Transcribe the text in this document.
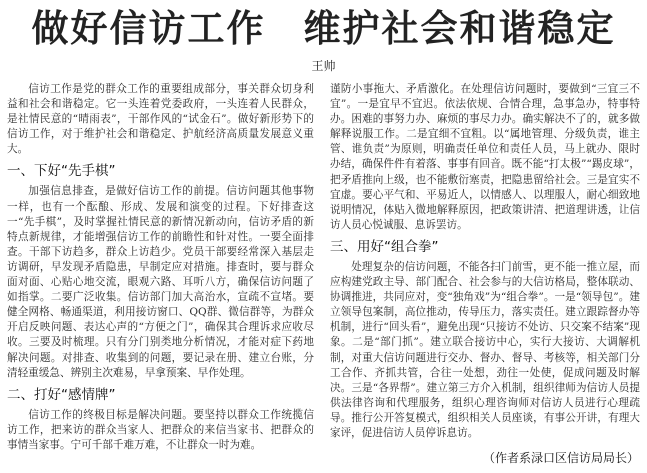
做好信访工作 维护社会和谐稳定
王帅

信访工作是党的群众工作的重要组成部分，事关群众切身利益和社会和谐稳定。它一头连着党委政府，一头连着人民群众，是社情民意的“晴雨表”，干部作风的“试金石”。做好新形势下的信访工作，对于维护社会和谐稳定、护航经济高质量发展意义重大。

一、下好“先手棋”

加强信息排查，是做好信访工作的前提。信访问题其他事物一样，也有一个酝酿、形成、发展和演变的过程。下好排查这一“先手棋”，及时掌握社情民意的新情况新动向，信访矛盾的新特点新规律，才能增强信访工作的前瞻性和针对性。一要全面排查。干部下访趋多，群众上访趋少。党员干部要经常深入基层走访调研，早发现矛盾隐患，早制定应对措施。排查时，要与群众面对面、心贴心地交流，眼观六路、耳听八方，确保信访问题了如指掌。二要广泛收集。信访部门加大高治水，宣疏不宣堵。要健全网格、畅通渠道，利用接访窗口、QQ群、微信群等，为群众开启反映问题、表达心声的“方便之门”，确保其合理诉求应收尽收。三要及时梳理。只有分门别类地分析情况，才能对症下药地解决问题。对排查、收集到的问题，要记录在册、建立台账，分清轻重缓急、辨别主次难易，早拿预案、早作处理。

二、打好“感情牌”

信访工作的终极目标是解决问题。要坚持以群众工作统揽信访工作，把来访的群众当家人、把群众的来信当家书、把群众的事情当家事。宁可千部千难万难，不让群众一时为难。

谨防小事拖大、矛盾激化。在处理信访问题时，要做到“三宜三不宜”。一是宜早不宜迟。依法依规、合情合理，急事急办，特事特办。困难的事努力办、麻烦的事尽力办。确实解决不了的，就多做解释说服工作。二是宜细不宜粗。以“属地管理、分级负责，谁主管、谁负责”为原则，明确责任单位和责任人员，马上就办、限时办结，确保件件有着落、事事有回音。既不能“打太极”“踢皮球”，把矛盾推向上级，也不能敷衍塞责，把隐患留给社会。三是宜实不宜虚。要心平气和、平易近人，以情感人、以理服人，耐心细致地说明情况，体贴入微地解释原因，把政策讲清、把道理讲透，让信访人员心悦诚服、息诉罢访。

三、用好“组合拳”

处理复杂的信访问题，不能各扫门前雪，更不能一推立屋，而应构建党政主导、部门配合、社会参与的大信访格局，整体联动、协调推进，共同应对，变“独角戏”为“组合拳”。一是“领导包”。建立领导包案制，高位推动，传导压力，落实责任。建立跟踪督办等机制，进行“回头看”，避免出现“只接访不处访、只交案不结案”现象。二是“部门抓”。建立联合接访中心，实行大接访、大调解机制，对重大信访问题进行交办、督办、督导、考核等，相关部门分工合作、齐抓共管，合往一处想，劲往一处使，促成问题及时解决。三是“各界帮”。建立第三方介入机制，组织律师为信访人员提供法律咨询和代理服务，组织心理咨询师对信访人员进行心理疏导。推行公开答复模式，组织相关人员座谈，有事公开讲，有理大家评，促进信访人员停诉息访。

（作者系渌口区信访局局长）
